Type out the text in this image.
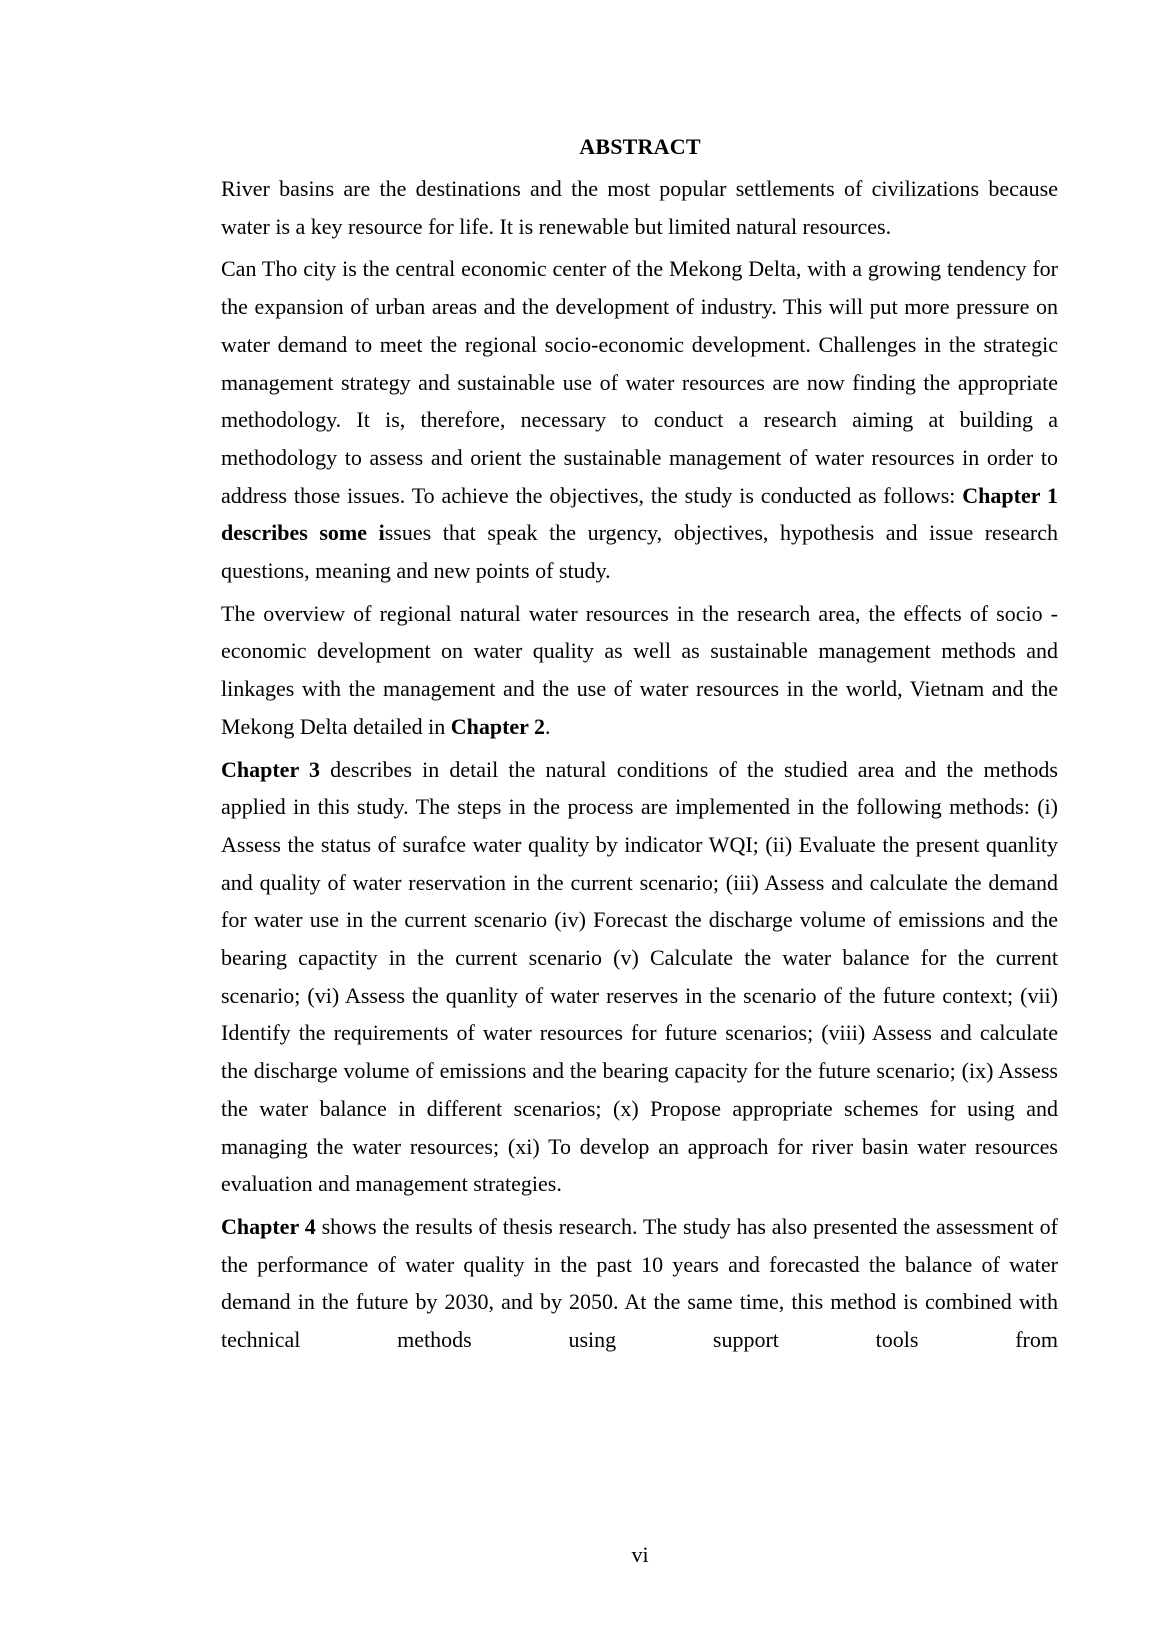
ABSTRACT

River basins are the destinations and the most popular settlements of civilizations because water is a key resource for life. It is renewable but limited natural resources.

Can Tho city is the central economic center of the Mekong Delta, with a growing tendency for the expansion of urban areas and the development of industry. This will put more pressure on water demand to meet the regional socio-economic development. Challenges in the strategic management strategy and sustainable use of water resources are now finding the appropriate methodology. It is, therefore, necessary to conduct a research aiming at building a methodology to assess and orient the sustainable management of water resources in order to address those issues. To achieve the objectives, the study is conducted as follows: Chapter 1 describes some issues that speak the urgency, objectives, hypothesis and issue research questions, meaning and new points of study.

The overview of regional natural water resources in the research area, the effects of socio - economic development on water quality as well as sustainable management methods and linkages with the management and the use of water resources in the world, Vietnam and the Mekong Delta detailed in Chapter 2.

Chapter 3 describes in detail the natural conditions of the studied area and the methods applied in this study. The steps in the process are implemented in the following methods: (i) Assess the status of surafce water quality by indicator WQI; (ii) Evaluate the present quanlity and quality of water reservation in the current scenario; (iii) Assess and calculate the demand for water use in the current scenario (iv) Forecast the discharge volume of emissions and the bearing capactity in the current scenario (v) Calculate the water balance for the current scenario; (vi) Assess the quanlity of water reserves in the scenario of the future context; (vii) Identify the requirements of water resources for future scenarios; (viii) Assess and calculate the discharge volume of emissions and the bearing capacity for the future scenario; (ix) Assess the water balance in different scenarios; (x) Propose appropriate schemes for using and managing the water resources; (xi) To develop an approach for river basin water resources evaluation and management strategies.

Chapter 4 shows the results of thesis research. The study has also presented the assessment of the performance of water quality in the past 10 years and forecasted the balance of water demand in the future by 2030, and by 2050. At the same time, this method is combined with technical methods using support tools from

vi
